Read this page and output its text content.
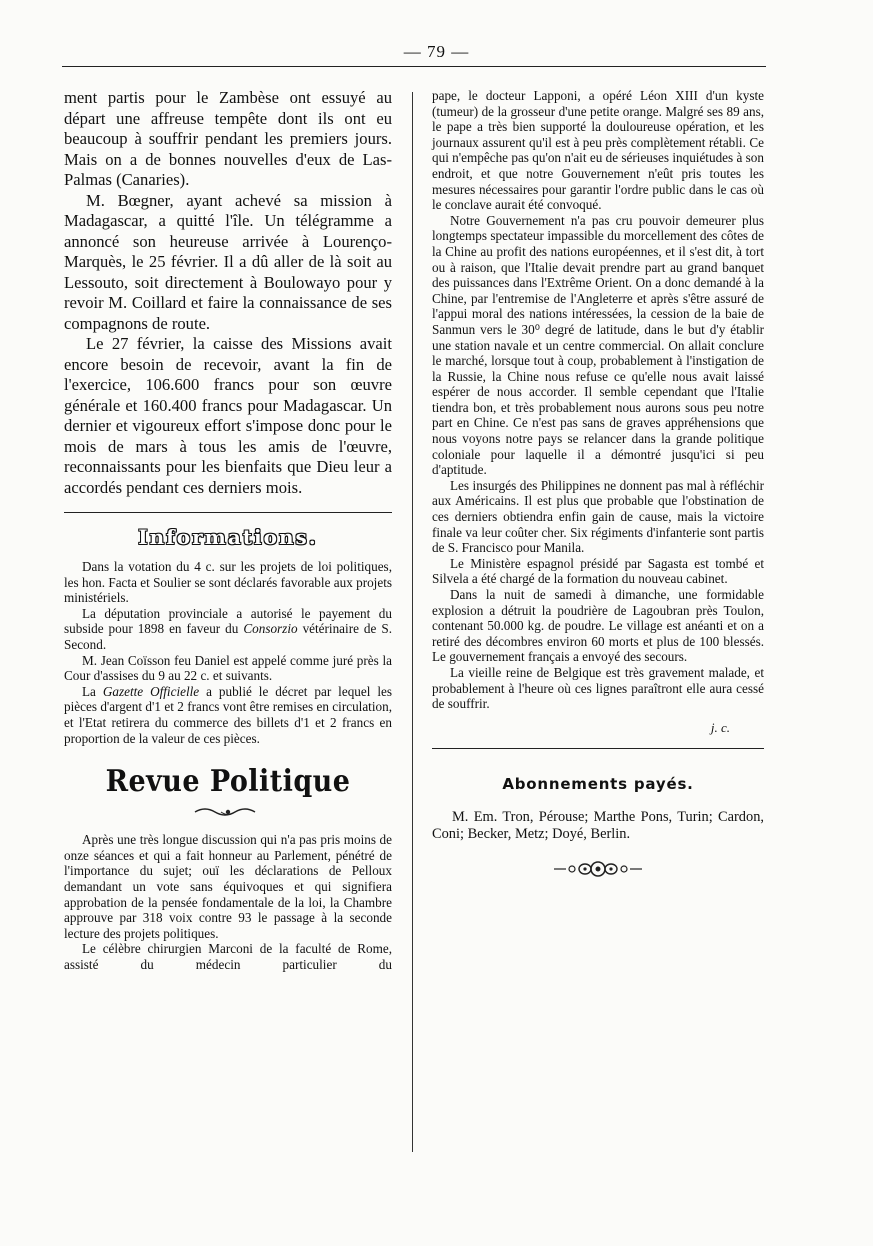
— 79 —

ment partis pour le Zambèse ont essuyé au départ une affreuse tempête dont ils ont eu beaucoup à souffrir pendant les premiers jours. Mais on a de bonnes nouvelles d'eux de Las-Palmas (Canaries).

M. Bœgner, ayant achevé sa mission à Madagascar, a quitté l'île. Un télégramme a annoncé son heureuse arrivée à Lourenço-Marquès, le 25 février. Il a dû aller de là soit au Lessouto, soit directement à Boulowayo pour y revoir M. Coillard et faire la connaissance de ses compagnons de route.

Le 27 février, la caisse des Missions avait encore besoin de recevoir, avant la fin de l'exercice, 106.600 francs pour son œuvre générale et 160.400 francs pour Madagascar. Un dernier et vigoureux effort s'impose donc pour le mois de mars à tous les amis de l'œuvre, reconnaissants pour les bienfaits que Dieu leur a accordés pendant ces derniers mois.

Informations.

Dans la votation du 4 c. sur les projets de loi politiques, les hon. Facta et Soulier se sont déclarés favorable aux projets ministériels.

La députation provinciale a autorisé le payement du subside pour 1898 en faveur du Consorzio vétérinaire de S. Second.

M. Jean Coïsson feu Daniel est appelé comme juré près la Cour d'assises du 9 au 22 c. et suivants.

La Gazette Officielle a publié le décret par lequel les pièces d'argent d'1 et 2 francs vont être remises en circulation, et l'Etat retirera du commerce des billets d'1 et 2 francs en proportion de la valeur de ces pièces.

Revue Politique

Après une très longue discussion qui n'a pas pris moins de onze séances et qui a fait honneur au Parlement, pénétré de l'importance du sujet; ouï les déclarations de Pelloux demandant un vote sans équivoques et qui signifiera approbation de la pensée fondamentale de la loi, la Chambre approuve par 318 voix contre 93 le passage à la seconde lecture des projets politiques.

Le célèbre chirurgien Marconi de la faculté de Rome, assisté du médecin particulier du

pape, le docteur Lapponi, a opéré Léon XIII d'un kyste (tumeur) de la grosseur d'une petite orange. Malgré ses 89 ans, le pape a très bien supporté la douloureuse opération, et les journaux assurent qu'il est à peu près complètement rétabli. Ce qui n'empêche pas qu'on n'ait eu de sérieuses inquiétudes à son endroit, et que notre Gouvernement n'eût pris toutes les mesures nécessaires pour garantir l'ordre public dans le cas où le conclave aurait été convoqué.

Notre Gouvernement n'a pas cru pouvoir demeurer plus longtemps spectateur impassible du morcellement des côtes de la Chine au profit des nations européennes, et il s'est dit, à tort ou à raison, que l'Italie devait prendre part au grand banquet des puissances dans l'Extrême Orient. On a donc demandé à la Chine, par l'entremise de l'Angleterre et après s'être assuré de l'appui moral des nations intéressées, la cession de la baie de Sanmun vers le 30⁰ degré de latitude, dans le but d'y établir une station navale et un centre commercial. On allait conclure le marché, lorsque tout à coup, probablement à l'instigation de la Russie, la Chine nous refuse ce qu'elle nous avait laissé espérer de nous accorder. Il semble cependant que l'Italie tiendra bon, et très probablement nous aurons sous peu notre part en Chine. Ce n'est pas sans de graves appréhensions que nous voyons notre pays se relancer dans la grande politique coloniale pour laquelle il a démontré jusqu'ici si peu d'aptitude.

Les insurgés des Philippines ne donnent pas mal à réfléchir aux Américains. Il est plus que probable que l'obstination de ces derniers obtiendra enfin gain de cause, mais la victoire finale va leur coûter cher. Six régiments d'infanterie sont partis de S. Francisco pour Manila.

Le Ministère espagnol présidé par Sagasta est tombé et Silvela a été chargé de la formation du nouveau cabinet.

Dans la nuit de samedi à dimanche, une formidable explosion a détruit la poudrière de Lagoubran près Toulon, contenant 50.000 kg. de poudre. Le village est anéanti et on a retiré des décombres environ 60 morts et plus de 100 blessés. Le gouvernement français a envoyé des secours.

La vieille reine de Belgique est très gravement malade, et probablement à l'heure où ces lignes paraîtront elle aura cessé de souffrir.

j. c.
Abonnements payés.

M. Em. Tron, Pérouse; Marthe Pons, Turin; Cardon, Coni; Becker, Metz; Doyé, Berlin.
